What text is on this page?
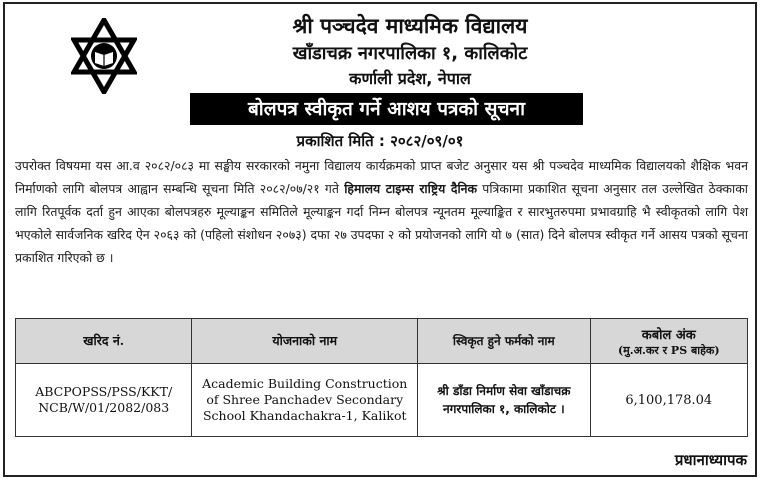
श्री पञ्चदेव माध्यमिक विद्यालय
खाँडाचक्र नगरपालिका १, कालिकोट
कर्णाली प्रदेश, नेपाल
बोलपत्र स्वीकृत गर्ने आशय पत्रको सूचना
प्रकाशित मिति : २०८२/०९/०१
उपरोक्त विषयमा यस आ.व २०८२/०८३ मा सङ्घीय सरकारको नमुना विद्यालय कार्यक्रमको प्राप्त बजेट अनुसार यस श्री पञ्चदेव माध्यमिक विद्यालयको शैक्षिक भवन निर्माणको लागि बोलपत्र आह्वान सम्बन्धि सूचना मिति २०८२/०७/२१ गते हिमालय टाइम्स राष्ट्रिय दैनिक पत्रिकामा प्रकाशित सूचना अनुसार तल उल्लेखित ठेक्काका लागि रितपूर्वक दर्ता हुन आएका बोलपत्रहरु मूल्याङ्कन समितिले मूल्याङ्कन गर्दा निम्न बोलपत्र न्यूनतम मूल्याङ्कित र सारभुतरुपमा प्रभावग्राहि भै स्वीकृतको लागि पेश भएकोले सार्वजनिक खरिद ऐन २०६३ को (पहिलो संशोधन २०७३) दफा २७ उपदफा २ को प्रयोजनको लागि यो ७ (सात) दिने बोलपत्र स्वीकृत गर्ने आसय पत्रको सूचना प्रकाशित गरिएको छ ।
खरिद नं.	योजनाको नाम	स्विकृत हुने फर्मको नाम	कबोल अंक
(मु.अ.कर र PS बाहेक)

ABCPOPSS/PSS/KKT/ NCB/W/01/2082/083	Academic Building Construction of Shree Panchadev Secondary School Khandachakra-1, Kalikot	श्री डाँडा निर्माण सेवा खाँडाचक्र नगरपालिका १, कालिकोट ।	6,100,178.04
प्रधानाध्यापक
